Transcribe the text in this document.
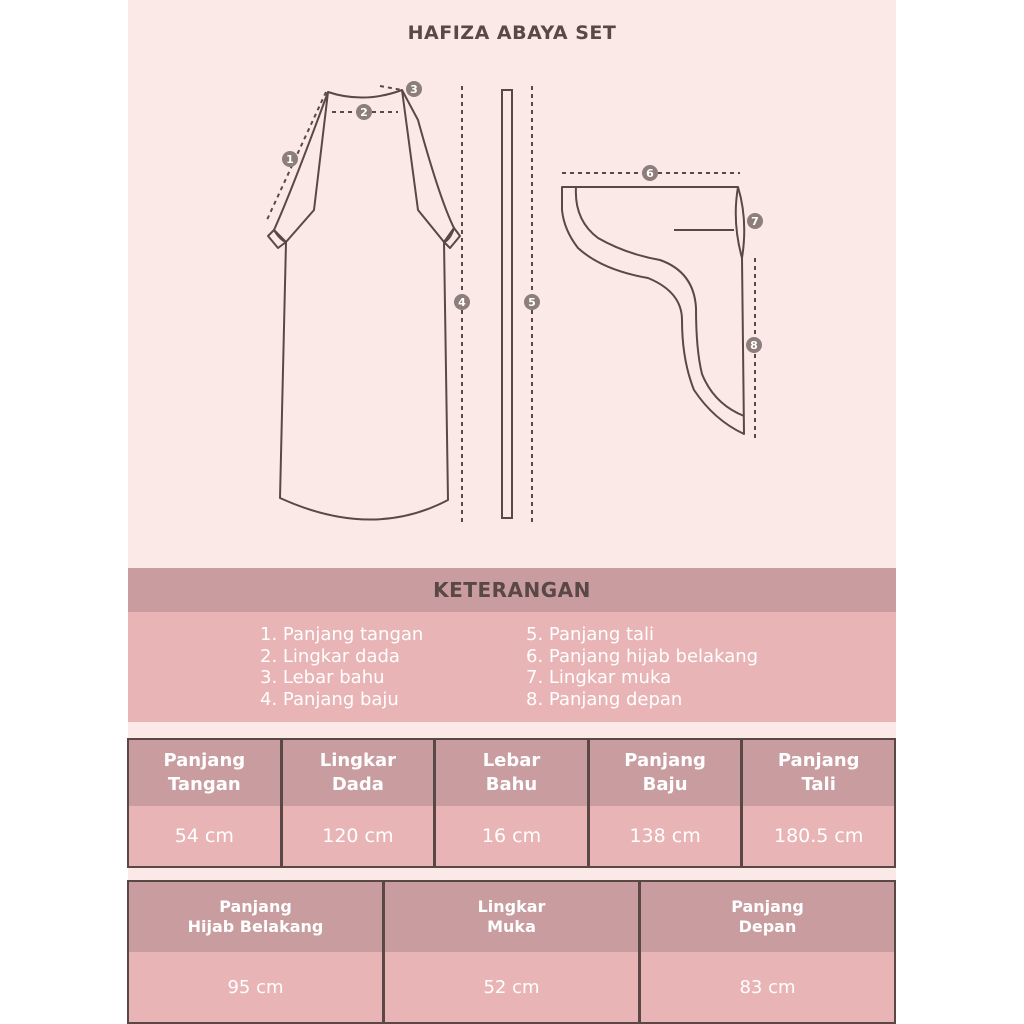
HAFIZA ABAYA SET
1
2
3
4	5
6
7
8
KETERANGAN
1. Panjang tangan
2. Lingkar dada
3. Lebar bahu
4. Panjang baju
5. Panjang tali
6. Panjang hijab belakang
7. Lingkar muka
8. Panjang depan
Panjang
Tangan
54 cm
Lingkar
Dada
120 cm
Lebar
Bahu
16 cm
Panjang
Baju
138 cm
Panjang
Tali
180.5 cm
Panjang
Hijab Belakang
95 cm
Lingkar
Muka
52 cm
Panjang
Depan
83 cm
